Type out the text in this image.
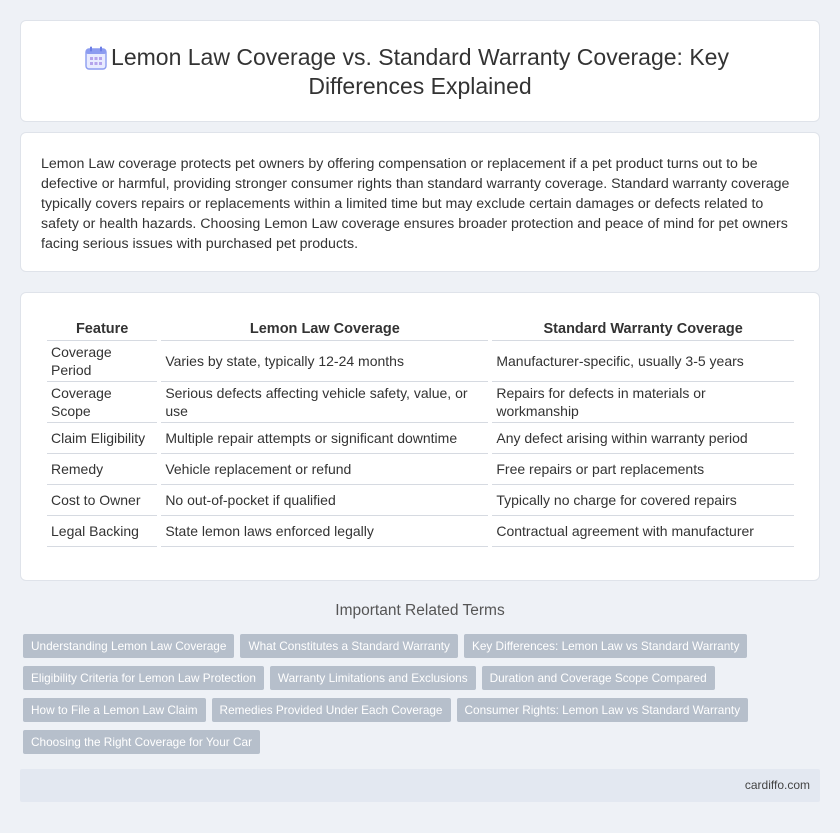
Lemon Law Coverage vs. Standard Warranty Coverage: Key Differences Explained

Lemon Law coverage protects pet owners by offering compensation or replacement if a pet product turns out to be defective or harmful, providing stronger consumer rights than standard warranty coverage. Standard warranty coverage typically covers repairs or replacements within a limited time but may exclude certain damages or defects related to safety or health hazards. Choosing Lemon Law coverage ensures broader protection and peace of mind for pet owners facing serious issues with purchased pet products.

Feature	Lemon Law Coverage	Standard Warranty Coverage
Coverage Period	Varies by state, typically 12-24 months	Manufacturer-specific, usually 3-5 years
Coverage Scope	Serious defects affecting vehicle safety, value, or use	Repairs for defects in materials or workmanship
Claim Eligibility	Multiple repair attempts or significant downtime	Any defect arising within warranty period
Remedy	Vehicle replacement or refund	Free repairs or part replacements
Cost to Owner	No out-of-pocket if qualified	Typically no charge for covered repairs
Legal Backing	State lemon laws enforced legally	Contractual agreement with manufacturer
Important Related Terms
Understanding Lemon Law Coverage	What Constitutes a Standard Warranty	Key Differences: Lemon Law vs Standard Warranty
Eligibility Criteria for Lemon Law Protection	Warranty Limitations and Exclusions	Duration and Coverage Scope Compared
How to File a Lemon Law Claim	Remedies Provided Under Each Coverage	Consumer Rights: Lemon Law vs Standard Warranty
Choosing the Right Coverage for Your Car
cardiffo.com
